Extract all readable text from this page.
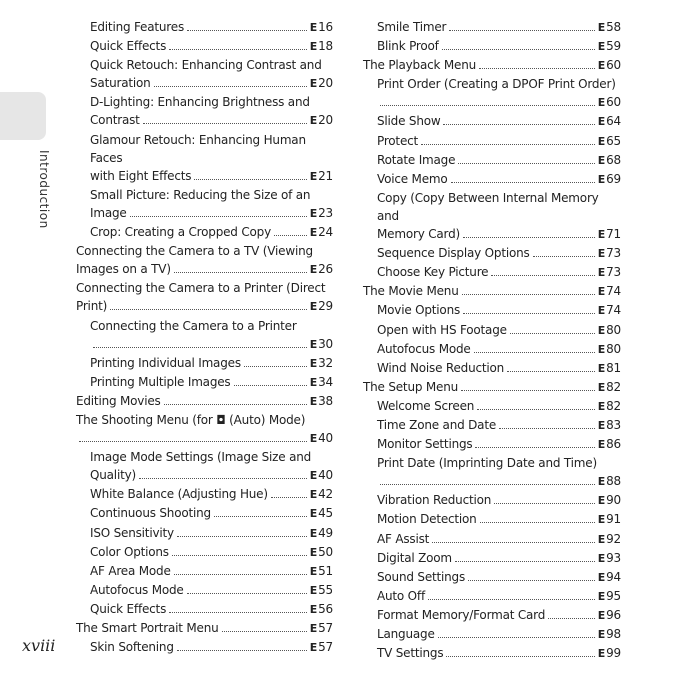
Introduction
Editing Features	E16
Quick Effects	E18
Quick Retouch: Enhancing Contrast and
Saturation	E20
D-Lighting: Enhancing Brightness and
Contrast	E20
Glamour Retouch: Enhancing Human Faces
with Eight Effects	E21
Small Picture: Reducing the Size of an
Image	E23
Crop: Creating a Cropped Copy	E24
Connecting the Camera to a TV (Viewing
Images on a TV)	E26
Connecting the Camera to a Printer (Direct
Print)	E29
Connecting the Camera to a Printer
E30
Printing Individual Images	E32
Printing Multiple Images	E34
Editing Movies	E38
The Shooting Menu (for ◘ (Auto) Mode)
E40
Image Mode Settings (Image Size and
Quality)	E40
White Balance (Adjusting Hue)	E42
Continuous Shooting	E45
ISO Sensitivity	E49
Color Options	E50
AF Area Mode	E51
Autofocus Mode	E55
Quick Effects	E56
The Smart Portrait Menu	E57
Skin Softening	E57
Smile Timer	E58
Blink Proof	E59
The Playback Menu	E60
Print Order (Creating a DPOF Print Order)
E60
Slide Show	E64
Protect	E65
Rotate Image	E68
Voice Memo	E69
Copy (Copy Between Internal Memory and
Memory Card)	E71
Sequence Display Options	E73
Choose Key Picture	E73
The Movie Menu	E74
Movie Options	E74
Open with HS Footage	E80
Autofocus Mode	E80
Wind Noise Reduction	E81
The Setup Menu	E82
Welcome Screen	E82
Time Zone and Date	E83
Monitor Settings	E86
Print Date (Imprinting Date and Time)
E88
Vibration Reduction	E90
Motion Detection	E91
AF Assist	E92
Digital Zoom	E93
Sound Settings	E94
Auto Off	E95
Format Memory/Format Card	E96
Language	E98
TV Settings	E99
xviii
